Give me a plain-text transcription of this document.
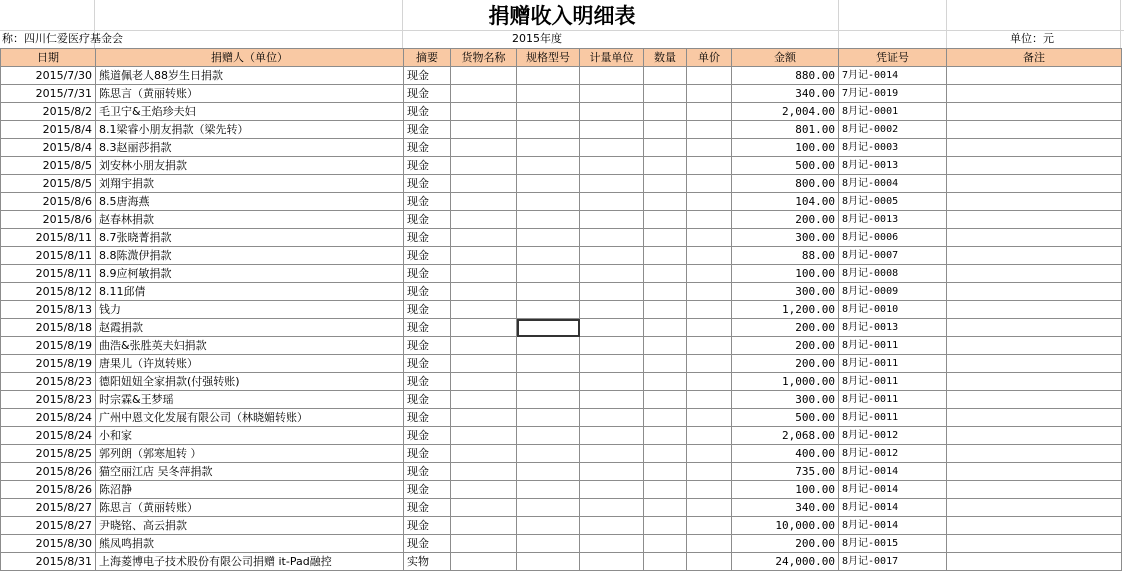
捐赠收入明细表
称：四川仁爱医疗基金会	2015年度	单位：元
日期	捐赠人（单位）	摘要	货物名称	规格型号	计量单位	数量	单价	金额	凭证号	备注
2015/7/30	熊道佩老人88岁生日捐款	现金						880.00	7月记-0014	
2015/7/31	陈思言（黄丽转账）	现金						340.00	7月记-0019	
2015/8/2	毛卫宁&王焰珍夫妇	现金						2,004.00	8月记-0001	
2015/8/4	8.1梁睿小朋友捐款（梁先转）	现金						801.00	8月记-0002	
2015/8/4	8.3赵丽莎捐款	现金						100.00	8月记-0003	
2015/8/5	刘安林小朋友捐款	现金						500.00	8月记-0013	
2015/8/5	刘翔宇捐款	现金						800.00	8月记-0004	
2015/8/6	8.5唐海燕	现金						104.00	8月记-0005	
2015/8/6	赵春林捐款	现金						200.00	8月记-0013	
2015/8/11	8.7张晓菁捐款	现金						300.00	8月记-0006	
2015/8/11	8.8陈溦伊捐款	现金						88.00	8月记-0007	
2015/8/11	8.9应柯敏捐款	现金						100.00	8月记-0008	
2015/8/12	8.11邱倩	现金						300.00	8月记-0009	
2015/8/13	钱力	现金						1,200.00	8月记-0010	
2015/8/18	赵霞捐款	现金						200.00	8月记-0013	
2015/8/19	曲浩&张胜英夫妇捐款	现金						200.00	8月记-0011	
2015/8/19	唐果儿（许岚转账）	现金						200.00	8月记-0011	
2015/8/23	德阳妞妞全家捐款(付强转账)	现金						1,000.00	8月记-0011	
2015/8/23	时宗霖&王梦瑶	现金						300.00	8月记-0011	
2015/8/24	广州中恩文化发展有限公司（林晓媚转账）	现金						500.00	8月记-0011	
2015/8/24	小和家	现金						2,068.00	8月记-0012	
2015/8/25	郭列朗（郭寒旭转 ）	现金						400.00	8月记-0012	
2015/8/26	猫空丽江店 吴冬萍捐款	现金						735.00	8月记-0014	
2015/8/26	陈沼静	现金						100.00	8月记-0014	
2015/8/27	陈思言（黄丽转账）	现金						340.00	8月记-0014	
2015/8/27	尹晓铭、高云捐款	现金						10,000.00	8月记-0014	
2015/8/30	熊凤鸣捐款	现金						200.00	8月记-0015	
2015/8/31	上海菱博电子技术股份有限公司捐赠 it-Pad融控	实物						24,000.00	8月记-0017	
